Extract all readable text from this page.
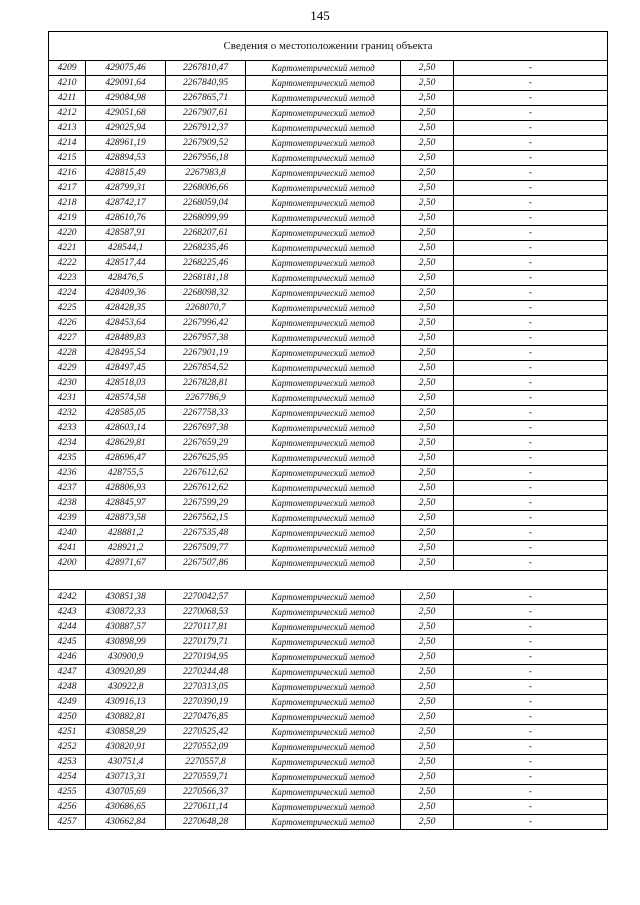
145
Сведения о местоположении границ объекта					
4209	429075,46	2267810,47	Картометрический метод	2,50	-
4210	429091,64	2267840,95	Картометрический метод	2,50	-
4211	429084,98	2267865,71	Картометрический метод	2,50	-
4212	429051,68	2267907,61	Картометрический метод	2,50	-
4213	429025,94	2267912,37	Картометрический метод	2,50	-
4214	428961,19	2267909,52	Картометрический метод	2,50	-
4215	428894,53	2267956,18	Картометрический метод	2,50	-
4216	428815,49	2267983,8	Картометрический метод	2,50	-
4217	428799,31	2268006,66	Картометрический метод	2,50	-
4218	428742,17	2268059,04	Картометрический метод	2,50	-
4219	428610,76	2268099,99	Картометрический метод	2,50	-
4220	428587,91	2268207,61	Картометрический метод	2,50	-
4221	428544,1	2268235,46	Картометрический метод	2,50	-
4222	428517,44	2268225,46	Картометрический метод	2,50	-
4223	428476,5	2268181,18	Картометрический метод	2,50	-
4224	428409,36	2268098,32	Картометрический метод	2,50	-
4225	428428,35	2268070,7	Картометрический метод	2,50	-
4226	428453,64	2267996,42	Картометрический метод	2,50	-
4227	428489,83	2267957,38	Картометрический метод	2,50	-
4228	428495,54	2267901,19	Картометрический метод	2,50	-
4229	428497,45	2267854,52	Картометрический метод	2,50	-
4230	428518,03	2267828,81	Картометрический метод	2,50	-
4231	428574,58	2267786,9	Картометрический метод	2,50	-
4232	428585,05	2267758,33	Картометрический метод	2,50	-
4233	428603,14	2267697,38	Картометрический метод	2,50	-
4234	428629,81	2267659,29	Картометрический метод	2,50	-
4235	428696,47	2267625,95	Картометрический метод	2,50	-
4236	428755,5	2267612,62	Картометрический метод	2,50	-
4237	428806,93	2267612,62	Картометрический метод	2,50	-
4238	428845,97	2267599,29	Картометрический метод	2,50	-
4239	428873,58	2267562,15	Картометрический метод	2,50	-
4240	428881,2	2267535,48	Картометрический метод	2,50	-
4241	428921,2	2267509,77	Картометрический метод	2,50	-
4200	428971,67	2267507,86	Картометрический метод	2,50	-

4242	430851,38	2270042,57	Картометрический метод	2,50	-
4243	430872,33	2270068,53	Картометрический метод	2,50	-
4244	430887,57	2270117,81	Картометрический метод	2,50	-
4245	430898,99	2270179,71	Картометрический метод	2,50	-
4246	430900,9	2270194,95	Картометрический метод	2,50	-
4247	430920,89	2270244,48	Картометрический метод	2,50	-
4248	430922,8	2270313,05	Картометрический метод	2,50	-
4249	430916,13	2270390,19	Картометрический метод	2,50	-
4250	430882,81	2270476,85	Картометрический метод	2,50	-
4251	430858,29	2270525,42	Картометрический метод	2,50	-
4252	430820,91	2270552,09	Картометрический метод	2,50	-
4253	430751,4	2270557,8	Картометрический метод	2,50	-
4254	430713,31	2270559,71	Картометрический метод	2,50	-
4255	430705,69	2270566,37	Картометрический метод	2,50	-
4256	430686,65	2270611,14	Картометрический метод	2,50	-
4257	430662,84	2270648,28	Картометрический метод	2,50	-
